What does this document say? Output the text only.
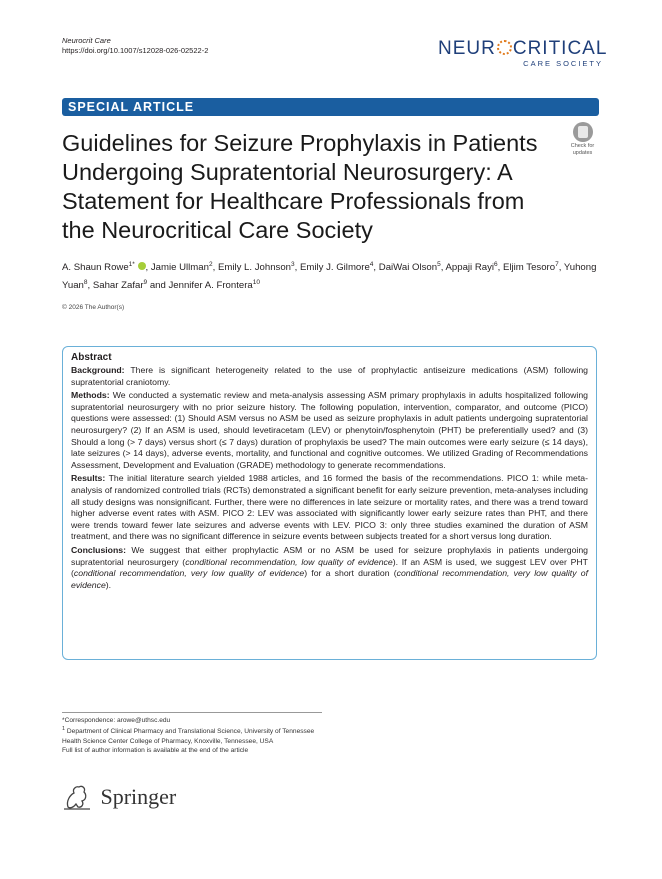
Neurocrit Care
https://doi.org/10.1007/s12028-026-02522-2	NEUR CRITICAL
CARE SOCIETY
SPECIAL ARTICLE
Guidelines for Seizure Prophylaxis in Patients Undergoing Supratentorial Neurosurgery: A Statement for Healthcare Professionals from the Neurocritical Care Society
Check for
updates
A. Shaun Rowe$^{1*}$ , Jamie Ullman$^2$, Emily L. Johnson$^3$, Emily J. Gilmore$^4$, DaiWai Olson$^5$, Appaji Rayi$^6$, Eljim Tesoro$^7$, Yuhong Yuan$^8$, Sahar Zafar$^9$ and Jennifer A. Frontera$^{10}$
© 2026 The Author(s)
Abstract

Background: There is significant heterogeneity related to the use of prophylactic antiseizure medications (ASM) following supratentorial craniotomy.

Methods: We conducted a systematic review and meta-analysis assessing ASM primary prophylaxis in adults hospitalized following supratentorial neurosurgery with no prior seizure history. The following population, intervention, comparator, and outcome (PICO) questions were assessed: (1) Should ASM versus no ASM be used as seizure prophylaxis in adult patients undergoing supratentorial neurosurgery? (2) If an ASM is used, should levetiracetam (LEV) or phenytoin/fosphenytoin (PHT) be preferentially used? and (3) Should a long (> 7 days) versus short (≤ 7 days) duration of prophylaxis be used? The main outcomes were early seizure (≤ 14 days), late seizures (> 14 days), adverse events, mortality, and functional and cognitive outcomes. We utilized Grading of Recommendations Assessment, Development and Evaluation (GRADE) methodology to generate recommendations.

Results: The initial literature search yielded 1988 articles, and 16 formed the basis of the recommendations. PICO 1: while meta-analysis of randomized controlled trials (RCTs) demonstrated a significant benefit for early seizure prevention, meta-analyses including all study designs was nonsignificant. Further, there were no differences in late seizure or mortality rates, and there was a trend toward higher adverse event rates with ASM. PICO 2: LEV was associated with significantly lower early seizure rates than PHT, and there were trends toward fewer late seizures and adverse events with LEV. PICO 3: only three studies examined the duration of ASM treatment, and there was no significant difference in seizure events between subjects treated for a short versus long duration.

Conclusions: We suggest that either prophylactic ASM or no ASM be used for seizure prophylaxis in patients undergoing supratentorial neurosurgery (conditional recommendation, low quality of evidence). If an ASM is used, we suggest LEV over PHT (conditional recommendation, very low quality of evidence) for a short duration (conditional recommendation, very low quality of evidence).

*Correspondence: arowe@uthsc.edu
$^1$ Department of Clinical Pharmacy and Translational Science, University of Tennessee Health Science Center College of Pharmacy, Knoxville, Tennessee, USA
Full list of author information is available at the end of the article
Springer
